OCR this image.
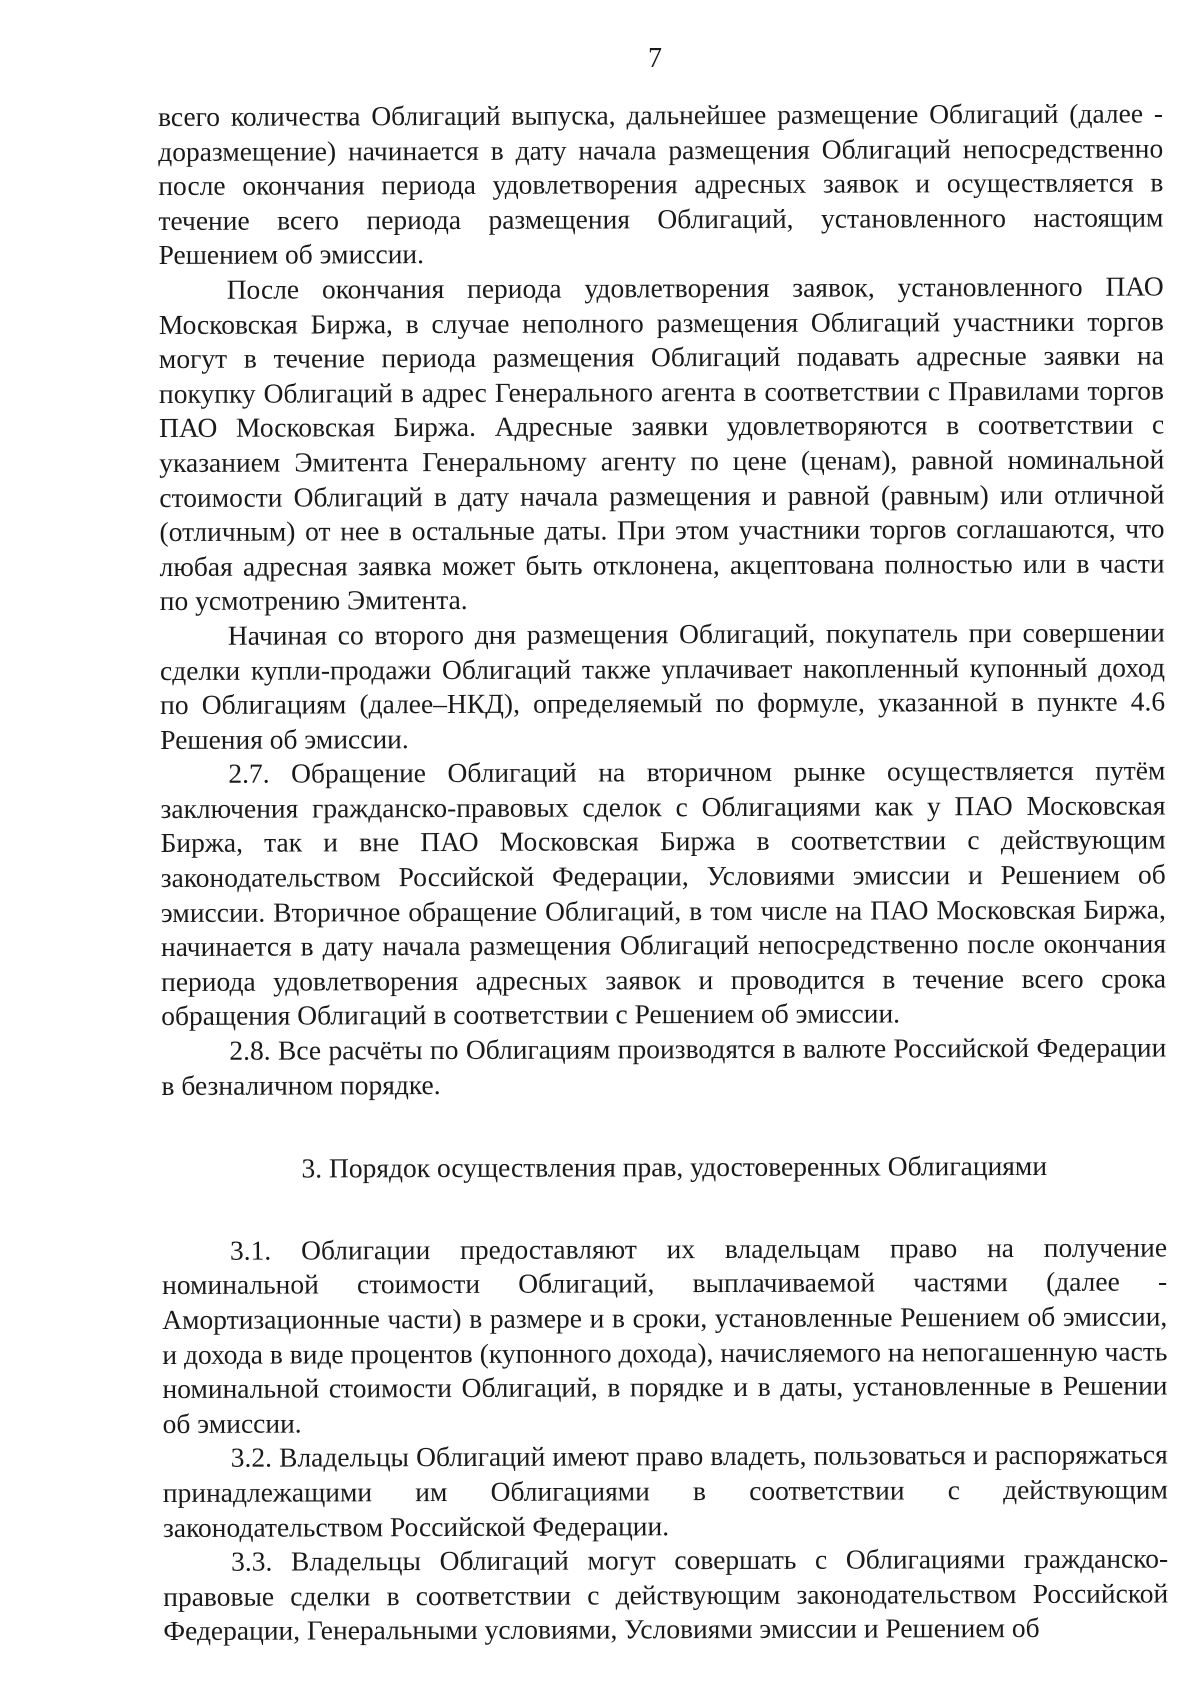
7

всего количества Облигаций выпуска, дальнейшее размещение Облигаций (далее - доразмещение) начинается в дату начала размещения Облигаций непосредственно после окончания периода удовлетворения адресных заявок и осуществляется в течение всего периода размещения Облигаций, установленного настоящим Решением об эмиссии.

После окончания периода удовлетворения заявок, установленного ПАО Московская Биржа, в случае неполного размещения Облигаций участники торгов могут в течение периода размещения Облигаций подавать адресные заявки на покупку Облигаций в адрес Генерального агента в соответствии с Правилами торгов ПАО Московская Биржа. Адресные заявки удовлетворяются в соответствии с указанием Эмитента Генеральному агенту по цене (ценам), равной номинальной стоимости Облигаций в дату начала размещения и равной (равным) или отличной (отличным) от нее в остальные даты. При этом участники торгов соглашаются, что любая адресная заявка может быть отклонена, акцептована полностью или в части по усмотрению Эмитента.

Начиная со второго дня размещения Облигаций, покупатель при совершении сделки купли-продажи Облигаций также уплачивает накопленный купонный доход по Облигациям (далее–НКД), определяемый по формуле, указанной в пункте 4.6 Решения об эмиссии.

2.7. Обращение Облигаций на вторичном рынке осуществляется путём заключения гражданско-правовых сделок с Облигациями как у ПАО Московская Биржа, так и вне ПАО Московская Биржа в соответствии с действующим законодательством Российской Федерации, Условиями эмиссии и Решением об эмиссии. Вторичное обращение Облигаций, в том числе на ПАО Московская Биржа, начинается в дату начала размещения Облигаций непосредственно после окончания периода удовлетворения адресных заявок и проводится в течение всего срока обращения Облигаций в соответствии с Решением об эмиссии.

2.8. Все расчёты по Облигациям производятся в валюте Российской Федерации в безналичном порядке.

3. Порядок осуществления прав, удостоверенных Облигациями

3.1. Облигации предоставляют их владельцам право на получение номинальной стоимости Облигаций, выплачиваемой частями (далее - Амортизационные части) в размере и в сроки, установленные Решением об эмиссии, и дохода в виде процентов (купонного дохода), начисляемого на непогашенную часть номинальной стоимости Облигаций, в порядке и в даты, установленные в Решении об эмиссии.

3.2. Владельцы Облигаций имеют право владеть, пользоваться и распоряжаться принадлежащими им Облигациями в соответствии с действующим законодательством Российской Федерации.

3.3. Владельцы Облигаций могут совершать с Облигациями гражданско-правовые сделки в соответствии с действующим законодательством Российской Федерации, Генеральными условиями, Условиями эмиссии и Решением об
